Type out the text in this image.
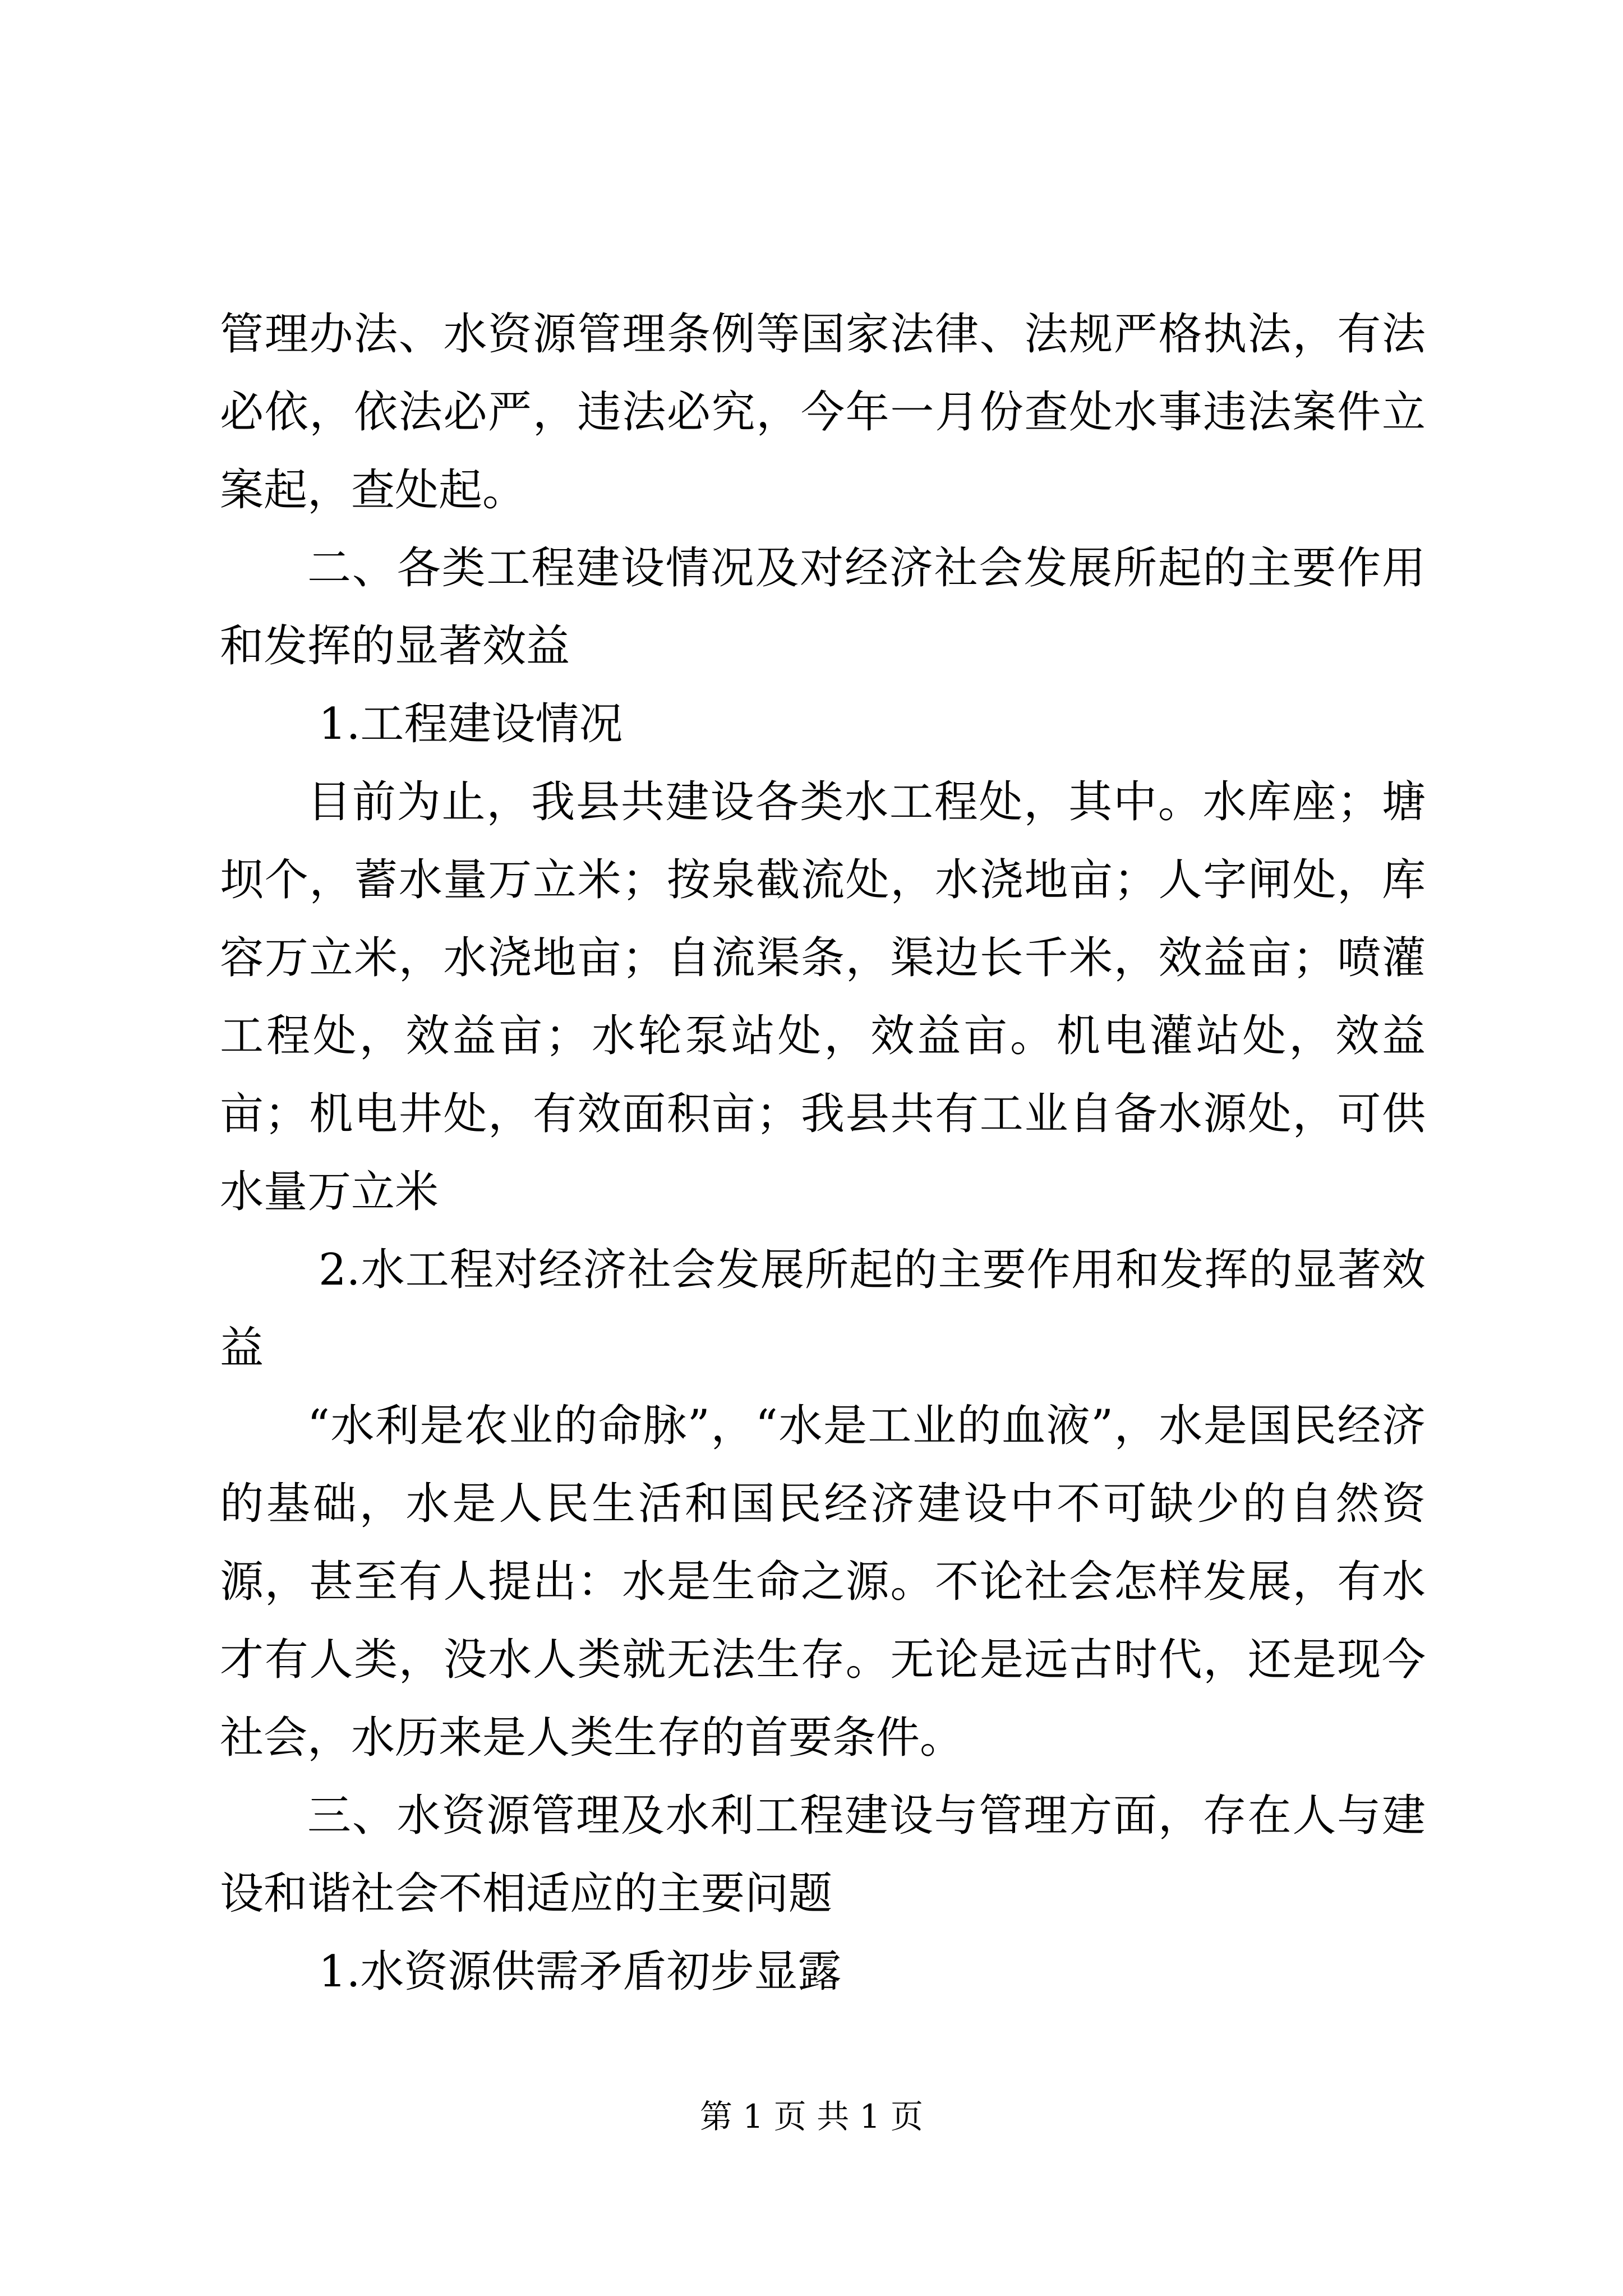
管理办法、水资源管理条例等国家法律、法规严格执法，有法必依，依法必严，违法必究，今年一月份查处水事违法案件立案起，查处起。

二、各类工程建设情况及对经济社会发展所起的主要作用和发挥的显著效益

1.工程建设情况

目前为止，我县共建设各类水工程处，其中。水库座；塘坝个，蓄水量万立米；按泉截流处，水浇地亩；人字闸处，库容万立米，水浇地亩；自流渠条，渠边长千米，效益亩；喷灌工程处，效益亩；水轮泵站处，效益亩。机电灌站处，效益亩；机电井处，有效面积亩；我县共有工业自备水源处，可供水量万立米

2.水工程对经济社会发展所起的主要作用和发挥的显著效益

“水利是农业的命脉”，“水是工业的血液”，水是国民经济的基础，水是人民生活和国民经济建设中不可缺少的自然资源，甚至有人提出：水是生命之源。不论社会怎样发展，有水才有人类，没水人类就无法生存。无论是远古时代，还是现今社会，水历来是人类生存的首要条件。

三、水资源管理及水利工程建设与管理方面，存在人与建设和谐社会不相适应的主要问题

1.水资源供需矛盾初步显露

第 1 页 共 1 页
